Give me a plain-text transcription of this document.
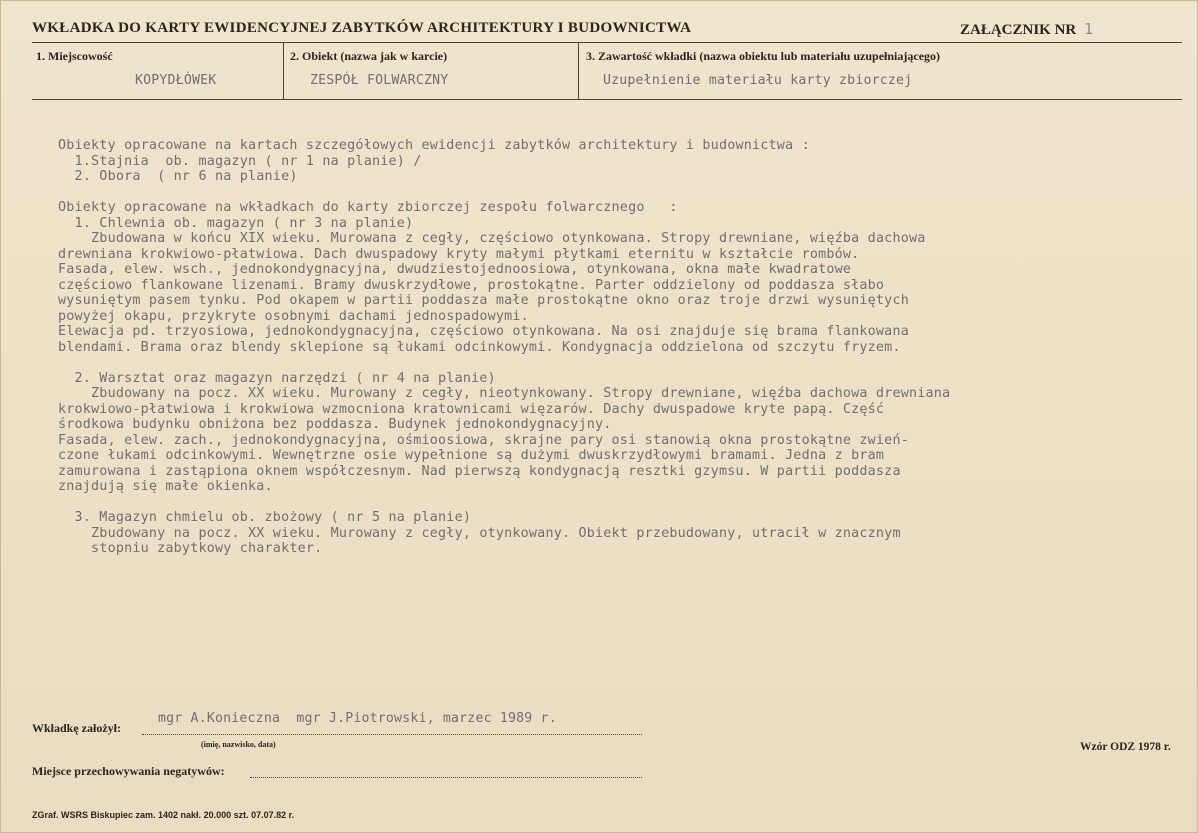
WKŁADKA DO KARTY EWIDENCYJNEJ ZABYTKÓW ARCHITEKTURY I BUDOWNICTWA	ZAŁĄCZNIK NR 1
1. Miejscowość	2. Obiekt (nazwa jak w karcie)	3. Zawartość wkładki (nazwa obiektu lub materiału uzupełniającego)
KOPYDŁÓWEK	ZESPÓŁ FOLWARCZNY	Uzupełnienie materiału karty zbiorczej
Obiekty opracowane na kartach szczegółowych ewidencji zabytków architektury i budownictwa :
1.Stajnia  ob. magazyn ( nr 1 na planie) /
2. Obora  ( nr 6 na planie)
Obiekty opracowane na wkładkach do karty zbiorczej zespołu folwarcznego   :
1. Chlewnia ob. magazyn ( nr 3 na planie)
Zbudowana w końcu XIX wieku. Murowana z cegły, częściowo otynkowana. Stropy drewniane, więźba dachowa
drewniana krokwiowo-płatwiowa. Dach dwuspadowy kryty małymi płytkami eternitu w kształcie rombów.
Fasada, elew. wsch., jednokondygnacyjna, dwudziestojednoosiowa, otynkowana, okna małe kwadratowe
częściowo flankowane lizenami. Bramy dwuskrzydłowe, prostokątne. Parter oddzielony od poddasza słabo
wysuniętym pasem tynku. Pod okapem w partii poddasza małe prostokątne okno oraz troje drzwi wysuniętych
powyżej okapu, przykryte osobnymi dachami jednospadowymi.
Elewacja pd. trzyosiowa, jednokondygnacyjna, częściowo otynkowana. Na osi znajduje się brama flankowana
blendami. Brama oraz blendy sklepione są łukami odcinkowymi. Kondygnacja oddzielona od szczytu fryzem.
2. Warsztat oraz magazyn narzędzi ( nr 4 na planie)
Zbudowany na pocz. XX wieku. Murowany z cegły, nieotynkowany. Stropy drewniane, więźba dachowa drewniana
krokwiowo-płatwiowa i krokwiowa wzmocniona kratownicami więzarów. Dachy dwuspadowe kryte papą. Część
środkowa budynku obniżona bez poddasza. Budynek jednokondygnacyjny.
Fasada, elew. zach., jednokondygnacyjna, ośmioosiowa, skrajne pary osi stanowią okna prostokątne zwień-
czone łukami odcinkowymi. Wewnętrzne osie wypełnione są dużymi dwuskrzydłowymi bramami. Jedna z bram
zamurowana i zastąpiona oknem współczesnym. Nad pierwszą kondygnacją resztki gzymsu. W partii poddasza
znajdują się małe okienka.
3. Magazyn chmielu ob. zbożowy ( nr 5 na planie)
Zbudowany na pocz. XX wieku. Murowany z cegły, otynkowany. Obiekt przebudowany, utracił w znacznym
stopniu zabytkowy charakter.
Wkładkę założył:
mgr A.Konieczna  mgr J.Piotrowski, marzec 1989 r.
(imię, nazwisko, data)	Wzór ODZ 1978 r.
Miejsce przechowywania negatywów:
ZGraf. WSRS Biskupiec zam. 1402 nakł. 20.000 szt. 07.07.82 r.
